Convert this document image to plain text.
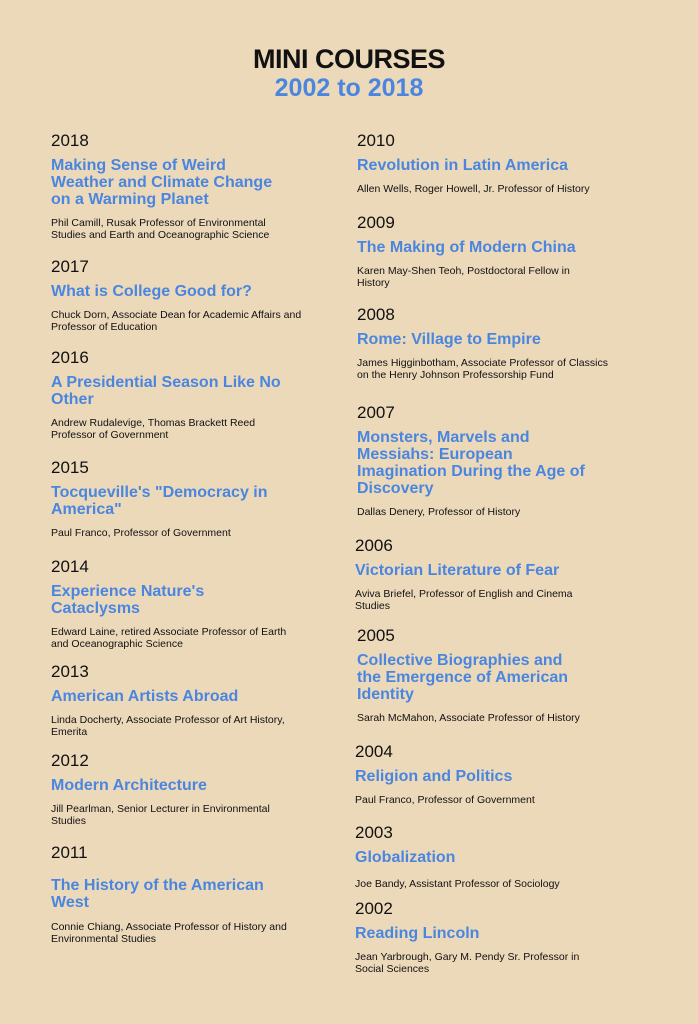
MINI COURSES
2002 to 2018
2018
Making Sense of Weird Weather and Climate Change on a Warming Planet
Phil Camill, Rusak Professor of Environmental Studies and Earth and Oceanographic Science
2017
What is College Good for?
Chuck Dorn, Associate Dean for Academic Affairs and Professor of Education
2016
A Presidential Season Like No Other
Andrew Rudalevige, Thomas Brackett Reed Professor of Government
2015
Tocqueville's "Democracy in America"
Paul Franco, Professor of Government
2014
Experience Nature's Cataclysms
Edward Laine, retired Associate Professor of Earth and Oceanographic Science
2013
American Artists Abroad
Linda Docherty, Associate Professor of Art History, Emerita
2012
Modern Architecture
Jill Pearlman, Senior Lecturer in Environmental Studies
2011
The History of the American West
Connie Chiang, Associate Professor of History and Environmental Studies
2010
Revolution in Latin America
Allen Wells, Roger Howell, Jr. Professor of History
2009
The Making of Modern China
Karen May-Shen Teoh, Postdoctoral Fellow in History
2008
Rome: Village to Empire
James Higginbotham, Associate Professor of Classics on the Henry Johnson Professorship Fund
2007
Monsters, Marvels and Messiahs: European Imagination During the Age of Discovery
Dallas Denery, Professor of History
2006
Victorian Literature of Fear
Aviva Briefel, Professor of English and Cinema Studies
2005
Collective Biographies and the Emergence of American Identity
Sarah McMahon, Associate Professor of History
2004
Religion and Politics
Paul Franco, Professor of Government
2003
Globalization
Joe Bandy, Assistant Professor of Sociology
2002
Reading Lincoln
Jean Yarbrough, Gary M. Pendy Sr. Professor in Social Sciences
